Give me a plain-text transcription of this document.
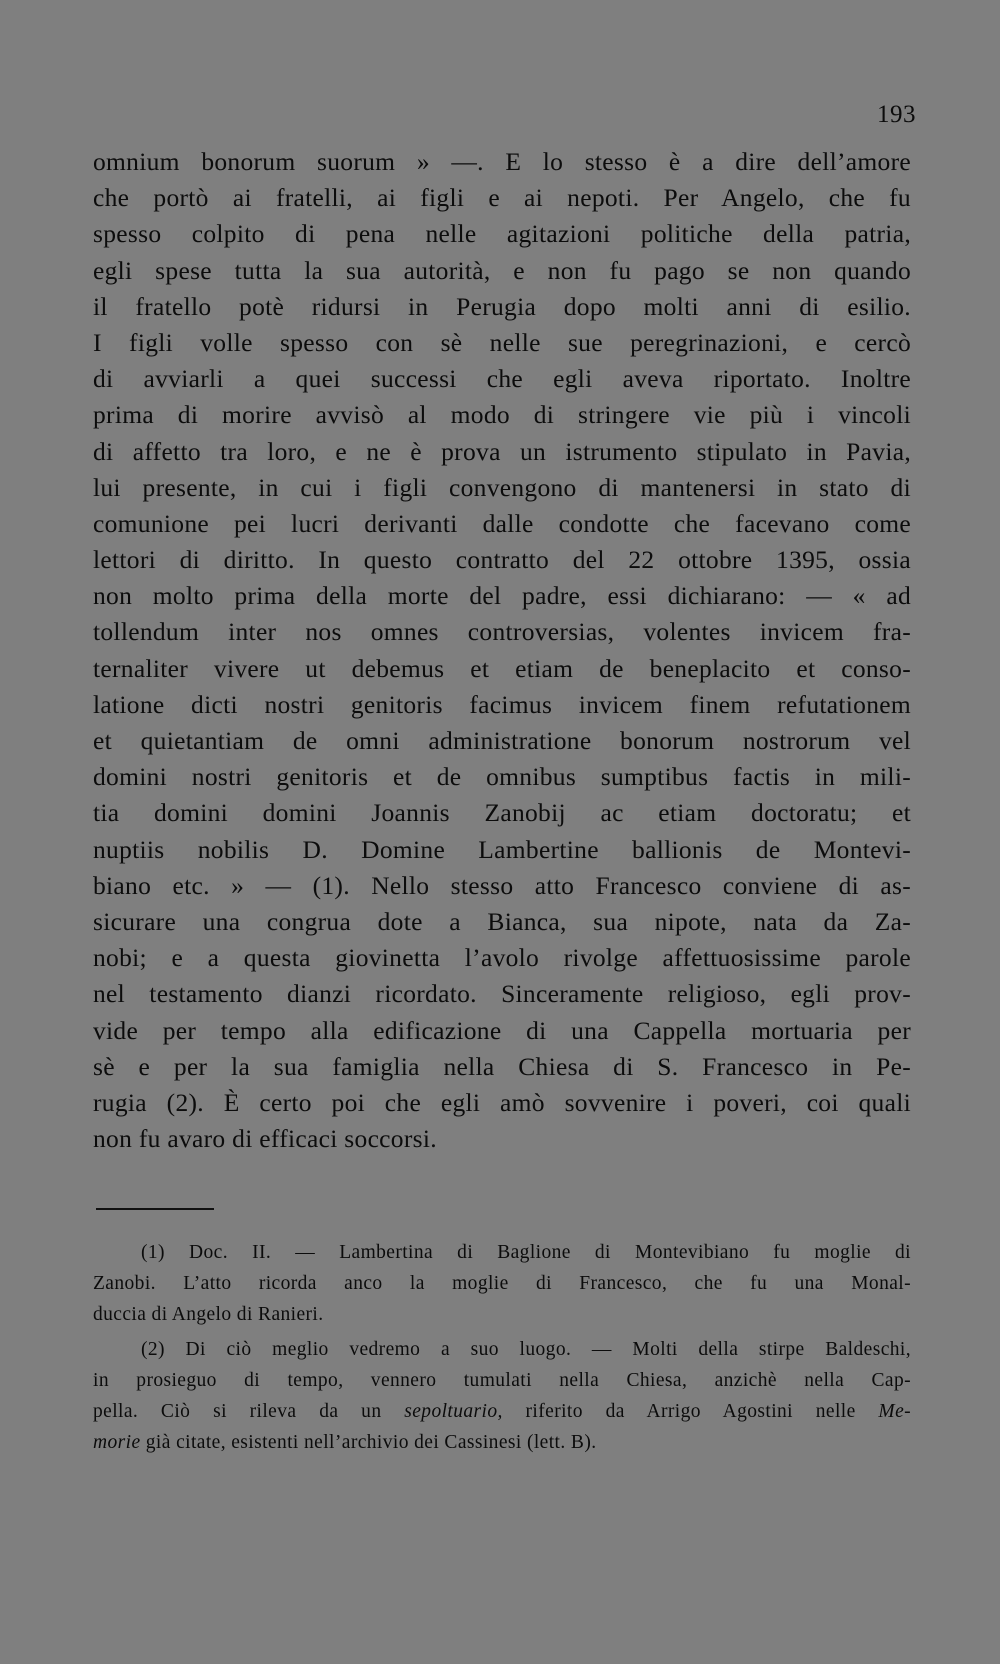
193
omnium bonorum suorum » —. E lo stesso è a dire dell’amore
che portò ai fratelli, ai figli e ai nepoti. Per Angelo, che fu
spesso colpito di pena nelle agitazioni politiche della patria,
egli spese tutta la sua autorità, e non fu pago se non quando
il fratello potè ridursi in Perugia dopo molti anni di esilio.
I figli volle spesso con sè nelle sue peregrinazioni, e cercò
di avviarli a quei successi che egli aveva riportato. Inoltre
prima di morire avvisò al modo di stringere vie più i vincoli
di affetto tra loro, e ne è prova un istrumento stipulato in Pavia,
lui presente, in cui i figli convengono di mantenersi in stato di
comunione pei lucri derivanti dalle condotte che facevano come
lettori di diritto. In questo contratto del 22 ottobre 1395, ossia
non molto prima della morte del padre, essi dichiarano: — « ad
tollendum inter nos omnes controversias, volentes invicem fra-
ternaliter vivere ut debemus et etiam de beneplacito et conso-
latione dicti nostri genitoris facimus invicem finem refutationem
et quietantiam de omni administratione bonorum nostrorum vel
domini nostri genitoris et de omnibus sumptibus factis in mili-
tia domini domini Joannis Zanobij ac etiam doctoratu; et
nuptiis nobilis D. Domine Lambertine ballionis de Montevi-
biano etc. » — (1). Nello stesso atto Francesco conviene di as-
sicurare una congrua dote a Bianca, sua nipote, nata da Za-
nobi; e a questa giovinetta l’avolo rivolge affettuosissime parole
nel testamento dianzi ricordato. Sinceramente religioso, egli prov-
vide per tempo alla edificazione di una Cappella mortuaria per
sè e per la sua famiglia nella Chiesa di S. Francesco in Pe-
rugia (2). È certo poi che egli amò sovvenire i poveri, coi quali
non fu avaro di efficaci soccorsi.
(1) Doc. II. — Lambertina di Baglione di Montevibiano fu moglie di
Zanobi. L’atto ricorda anco la moglie di Francesco, che fu una Monal-
duccia di Angelo di Ranieri.
(2) Di ciò meglio vedremo a suo luogo. — Molti della stirpe Baldeschi,
in prosieguo di tempo, vennero tumulati nella Chiesa, anzichè nella Cap-
pella. Ciò si rileva da un sepoltuario, riferito da Arrigo Agostini nelle Me-
morie già citate, esistenti nell’archivio dei Cassinesi (lett. B).
